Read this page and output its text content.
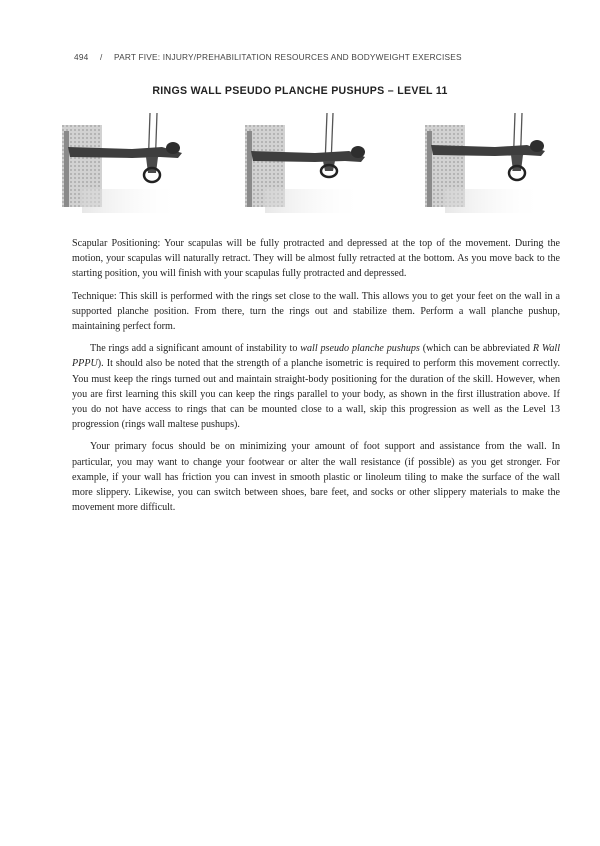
494 / PART FIVE: INJURY/PREHABILITATION RESOURCES AND BODYWEIGHT EXERCISES
RINGS WALL PSEUDO PLANCHE PUSHUPS – LEVEL 11

Scapular Positioning: Your scapulas will be fully protracted and depressed at the top of the movement. During the motion, your scapulas will naturally retract. They will be almost fully retracted at the bottom. As you move back to the starting position, you will finish with your scapulas fully protracted and depressed.

Technique: This skill is performed with the rings set close to the wall. This allows you to get your feet on the wall in a supported planche position. From there, turn the rings out and stabilize them. Perform a wall planche pushup, maintaining perfect form.

The rings add a significant amount of instability to wall pseudo planche pushups (which can be abbreviated R Wall PPPU). It should also be noted that the strength of a planche isometric is required to perform this movement correctly. You must keep the rings turned out and maintain straight-body positioning for the duration of the skill. However, when you are first learning this skill you can keep the rings parallel to your body, as shown in the first illustration above. If you do not have access to rings that can be mounted close to a wall, skip this progression as well as the Level 13 progression (rings wall maltese pushups).

Your primary focus should be on minimizing your amount of foot support and assistance from the wall. In particular, you may want to change your footwear or alter the wall resistance (if possible) as you get stronger. For example, if your wall has friction you can invest in smooth plastic or linoleum tiling to make the surface of the wall more slippery. Likewise, you can switch between shoes, bare feet, and socks or other slippery materials to make the movement more difficult.
